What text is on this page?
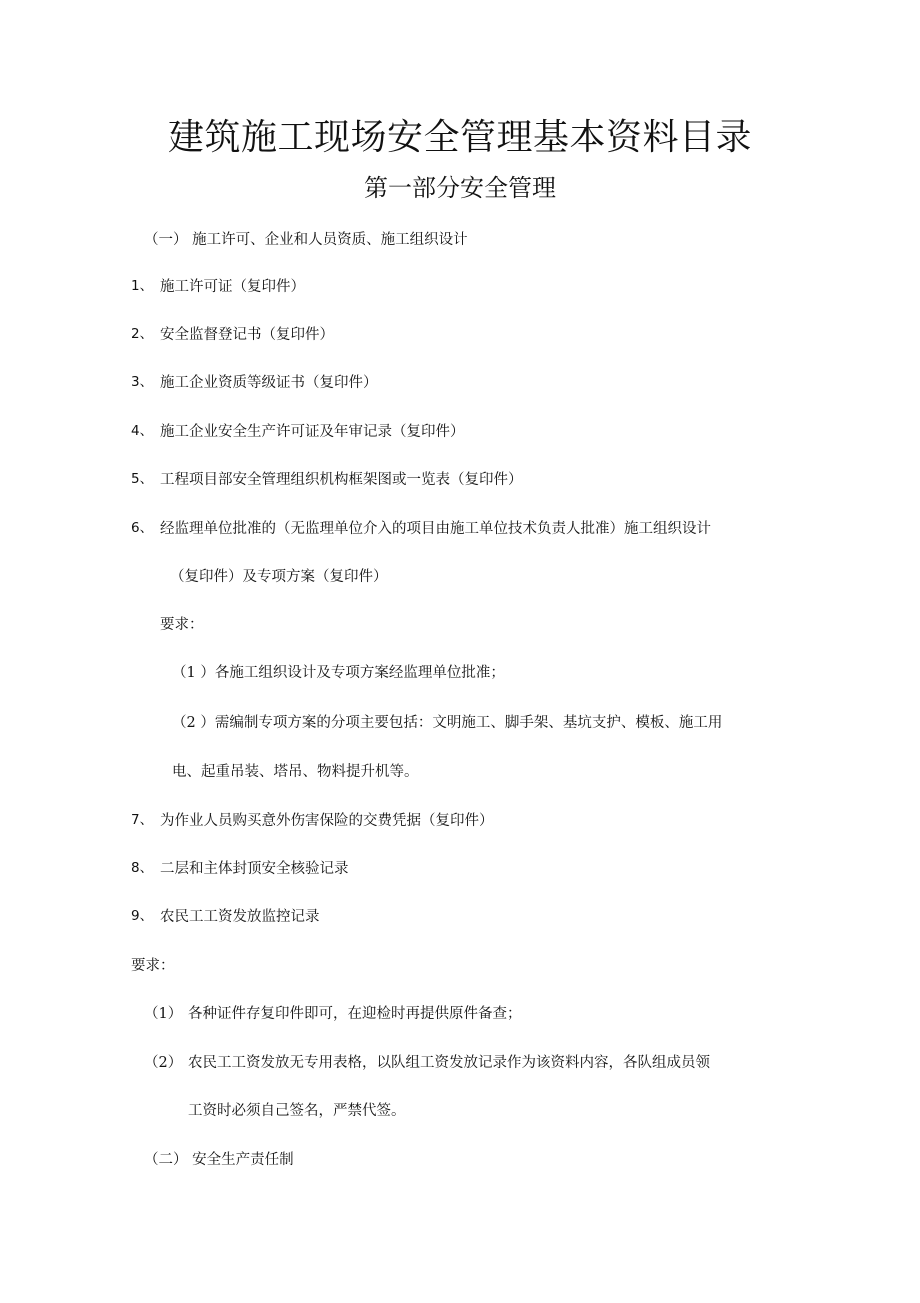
建筑施工现场安全管理基本资料目录
第一部分安全管理
（一） 施工许可、企业和人员资质、施工组织设计
1、 施工许可证（复印件）
2、 安全监督登记书（复印件）
3、 施工企业资质等级证书（复印件）
4、 施工企业安全生产许可证及年审记录（复印件）
5、 工程项目部安全管理组织机构框架图或一览表（复印件）
6、 经监理单位批准的（无监理单位介入的项目由施工单位技术负责人批准）施工组织设计
（复印件）及专项方案（复印件）
要求：
（1 ）各施工组织设计及专项方案经监理单位批准；
（2 ）需编制专项方案的分项主要包括：文明施工、脚手架、基坑支护、模板、施工用
电、起重吊装、塔吊、物料提升机等。
7、 为作业人员购买意外伤害保险的交费凭据（复印件）
8、 二层和主体封顶安全核验记录
9、 农民工工资发放监控记录
要求：
（1） 各种证件存复印件即可，在迎检时再提供原件备查；
（2） 农民工工资发放无专用表格，以队组工资发放记录作为该资料内容，各队组成员领
工资时必须自己签名，严禁代签。
（二） 安全生产责任制
